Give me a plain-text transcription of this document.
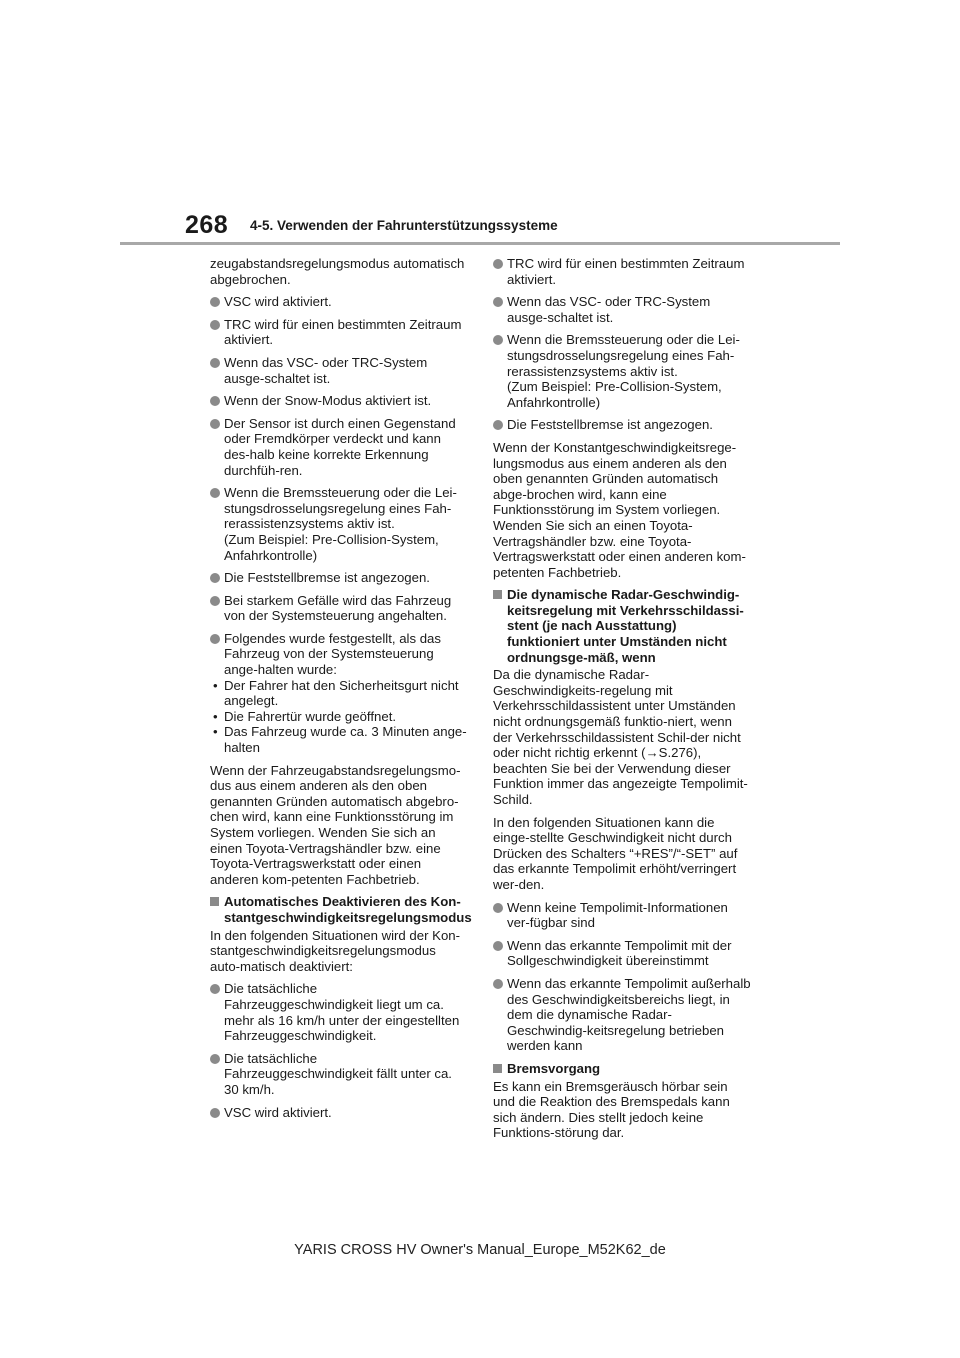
268 4-5. Verwenden der Fahrunterstützungssysteme

zeugabstandsregelungsmodus automatisch abgebrochen.

VSC wird aktiviert.
TRC wird für einen bestimmten Zeitraum aktiviert.
Wenn das VSC- oder TRC-System ausge-schaltet ist.
Wenn der Snow-Modus aktiviert ist.
Der Sensor ist durch einen Gegenstand oder Fremdkörper verdeckt und kann des-halb keine korrekte Erkennung durchfüh-ren.
Wenn die Bremssteuerung oder die Lei-stungsdrosselungsregelung eines Fah-rerassistenzsystems aktiv ist.
(Zum Beispiel: Pre-Collision-System, Anfahrkontrolle)
Die Feststellbremse ist angezogen.
Bei starkem Gefälle wird das Fahrzeug von der Systemsteuerung angehalten.
Folgendes wurde festgestellt, als das Fahrzeug von der Systemsteuerung ange-halten wurde:
• Der Fahrer hat den Sicherheitsgurt nicht angelegt.
• Die Fahrertür wurde geöffnet.
• Das Fahrzeug wurde ca. 3 Minuten ange-halten

Wenn der Fahrzeugabstandsregelungsmo-dus aus einem anderen als den oben genannten Gründen automatisch abgebro-chen wird, kann eine Funktionsstörung im System vorliegen. Wenden Sie sich an einen Toyota-Vertragshändler bzw. eine Toyota-Vertragswerkstatt oder einen anderen kom-petenten Fachbetrieb.

Automatisches Deaktivieren des Kon-stantgeschwindigkeitsregelungsmodus

In den folgenden Situationen wird der Kon-stantgeschwindigkeitsregelungsmodus auto-matisch deaktiviert:

Die tatsächliche Fahrzeuggeschwindigkeit liegt um ca. mehr als 16 km/h unter der eingestellten Fahrzeuggeschwindigkeit.
Die tatsächliche Fahrzeuggeschwindigkeit fällt unter ca. 30 km/h.
VSC wird aktiviert.
TRC wird für einen bestimmten Zeitraum aktiviert.
Wenn das VSC- oder TRC-System ausge-schaltet ist.
Wenn die Bremssteuerung oder die Lei-stungsdrosselungsregelung eines Fah-rerassistenzsystems aktiv ist.
(Zum Beispiel: Pre-Collision-System, Anfahrkontrolle)
Die Feststellbremse ist angezogen.

Wenn der Konstantgeschwindigkeitsrege-lungsmodus aus einem anderen als den oben genannten Gründen automatisch abge-brochen wird, kann eine Funktionsstörung im System vorliegen. Wenden Sie sich an einen Toyota-Vertragshändler bzw. eine Toyota-Vertragswerkstatt oder einen anderen kom-petenten Fachbetrieb.

Die dynamische Radar-Geschwindig-keitsregelung mit Verkehrsschildassi-stent (je nach Ausstattung) funktioniert unter Umständen nicht ordnungsge-mäß, wenn

Da die dynamische Radar-Geschwindigkeits-regelung mit Verkehrsschildassistent unter Umständen nicht ordnungsgemäß funktio-niert, wenn der Verkehrsschildassistent Schil-der nicht oder nicht richtig erkennt (→S.276), beachten Sie bei der Verwendung dieser Funktion immer das angezeigte Tempolimit-Schild.

In den folgenden Situationen kann die einge-stellte Geschwindigkeit nicht durch Drücken des Schalters “+RES”/“-SET” auf das erkannte Tempolimit erhöht/verringert wer-den.

Wenn keine Tempolimit-Informationen ver-fügbar sind
Wenn das erkannte Tempolimit mit der Sollgeschwindigkeit übereinstimmt
Wenn das erkannte Tempolimit außerhalb des Geschwindigkeitsbereichs liegt, in dem die dynamische Radar-Geschwindig-keitsregelung betrieben werden kann
Bremsvorgang

Es kann ein Bremsgeräusch hörbar sein und die Reaktion des Bremspedals kann sich ändern. Dies stellt jedoch keine Funktions-störung dar.

YARIS CROSS HV Owner's Manual_Europe_M52K62_de
